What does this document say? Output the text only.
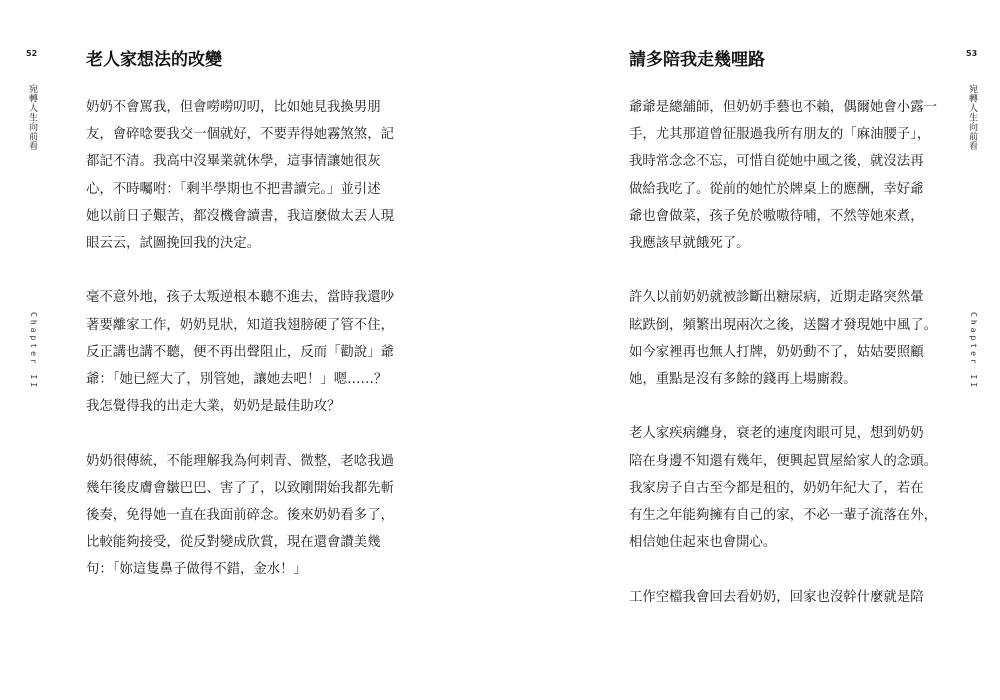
52
宛轉人生向前看
Chapter II
老人家想法的改變

奶奶不會罵我，但會嘮嘮叨叨，比如她見我換男朋
友，會碎唸要我交一個就好，不要弄得她霧煞煞，記
都記不清。我高中沒畢業就休學，這事情讓她很灰
心，不時囑咐：「剩半學期也不把書讀完。」並引述
她以前日子艱苦，都沒機會讀書，我這麼做太丟人現
眼云云，試圖挽回我的決定。

毫不意外地，孩子太叛逆根本聽不進去，當時我還吵
著要離家工作，奶奶見狀，知道我翅膀硬了管不住，
反正講也講不聽，便不再出聲阻止，反而「勸說」爺
爺：「她已經大了，別管她，讓她去吧！」嗯……？
我怎覺得我的出走大業，奶奶是最佳助攻？

奶奶很傳統，不能理解我為何刺青、微整，老唸我過
幾年後皮膚會皺巴巴、害了了，以致剛開始我都先斬
後奏，免得她一直在我面前碎念。後來奶奶看多了，
比較能夠接受，從反對變成欣賞，現在還會讚美幾
句：「妳這隻鼻子做得不錯，金水！」

53
宛轉人生向前看
Chapter II
請多陪我走幾哩路

爺爺是總舖師，但奶奶手藝也不賴，偶爾她會小露一
手，尤其那道曾征服過我所有朋友的「麻油腰子」，
我時常念念不忘，可惜自從她中風之後，就沒法再
做給我吃了。從前的她忙於牌桌上的應酬，幸好爺
爺也會做菜，孩子免於嗷嗷待哺，不然等她來煮，
我應該早就餓死了。

許久以前奶奶就被診斷出糖尿病，近期走路突然暈
眩跌倒，頻繁出現兩次之後，送醫才發現她中風了。
如今家裡再也無人打牌，奶奶動不了，姑姑要照顧
她，重點是沒有多餘的錢再上場廝殺。

老人家疾病纏身，衰老的速度肉眼可見，想到奶奶
陪在身邊不知還有幾年，便興起買屋給家人的念頭。
我家房子自古至今都是租的，奶奶年紀大了，若在
有生之年能夠擁有自己的家，不必一輩子流落在外，
相信她住起來也會開心。

工作空檔我會回去看奶奶，回家也沒幹什麼就是陪
